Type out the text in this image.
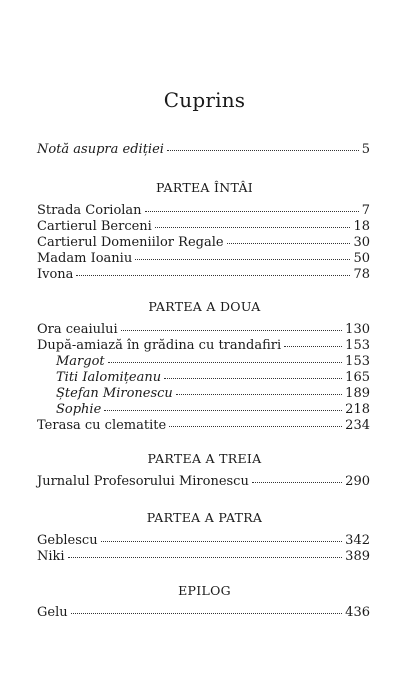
Cuprins
Notă asupra ediției	5
PARTEA ÎNTÂI
Strada Coriolan	7
Cartierul Berceni	18
Cartierul Domeniilor Regale	30
Madam Ioaniu	50
Ivona	78
PARTEA A DOUA
Ora ceaiului	130
După-amiază în grădina cu trandafiri	153
Margot	153
Titi Ialomițeanu	165
Ștefan Mironescu	189
Sophie	218
Terasa cu clematite	234
PARTEA A TREIA
Jurnalul Profesorului Mironescu	290
PARTEA A PATRA
Geblescu	342
Niki	389
EPILOG
Gelu	436
